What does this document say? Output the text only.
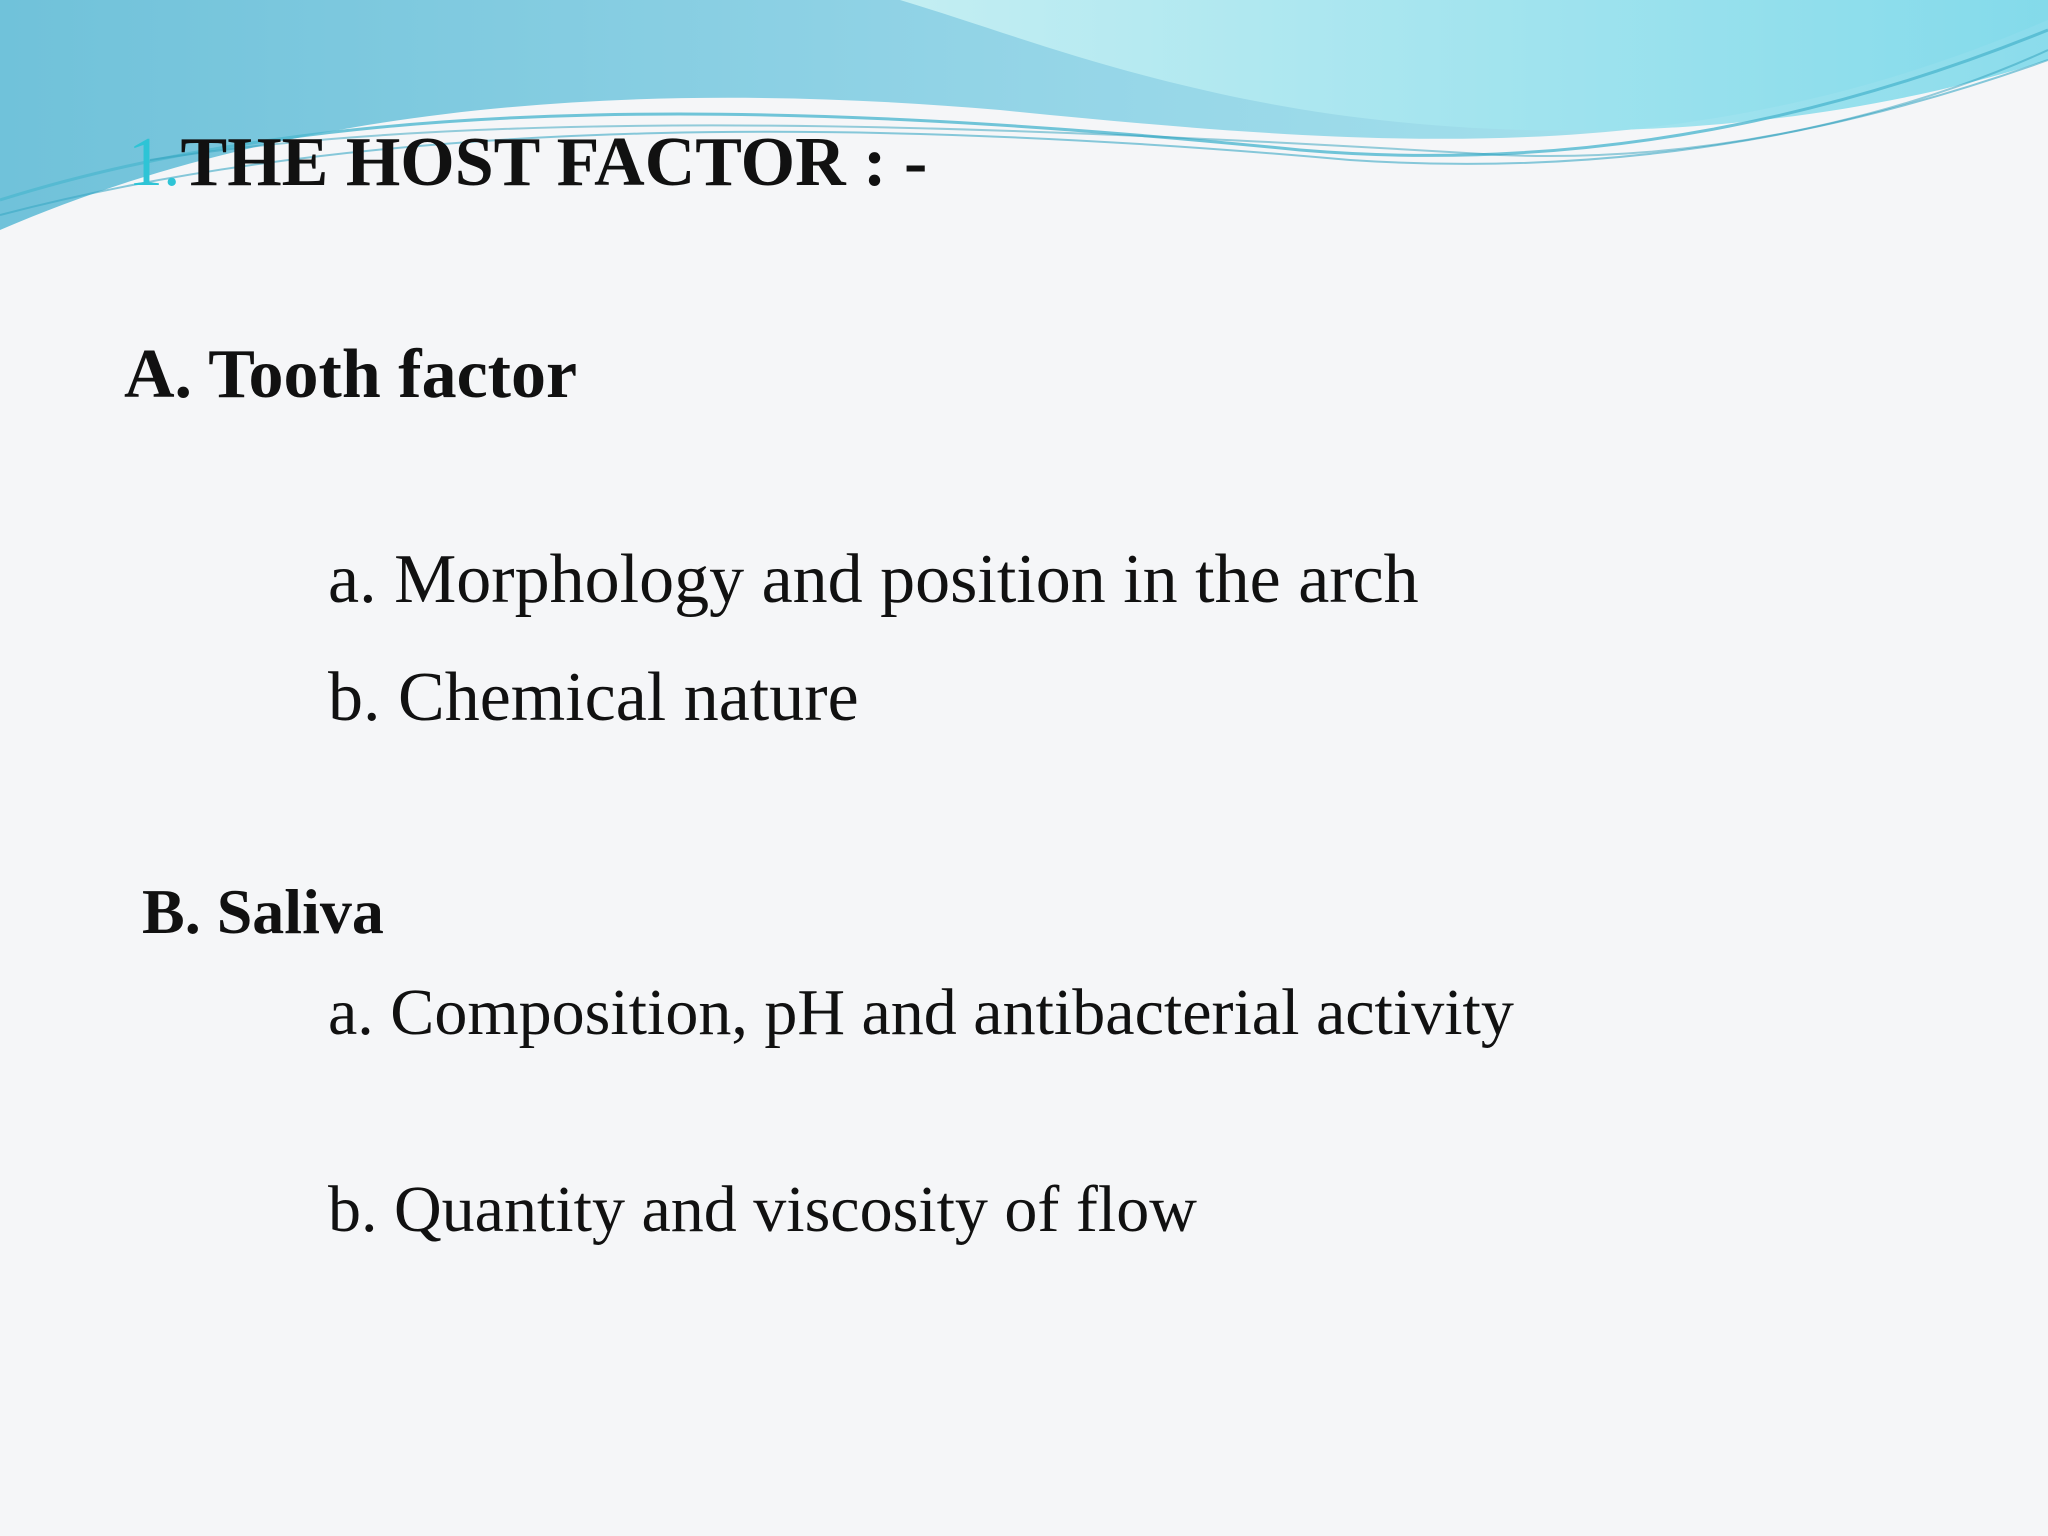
1.THE HOST FACTOR : -
A. Tooth factor
a. Morphology and position in the arch
b. Chemical nature
B. Saliva
a. Composition, pH and antibacterial activity
b. Quantity and viscosity of flow
